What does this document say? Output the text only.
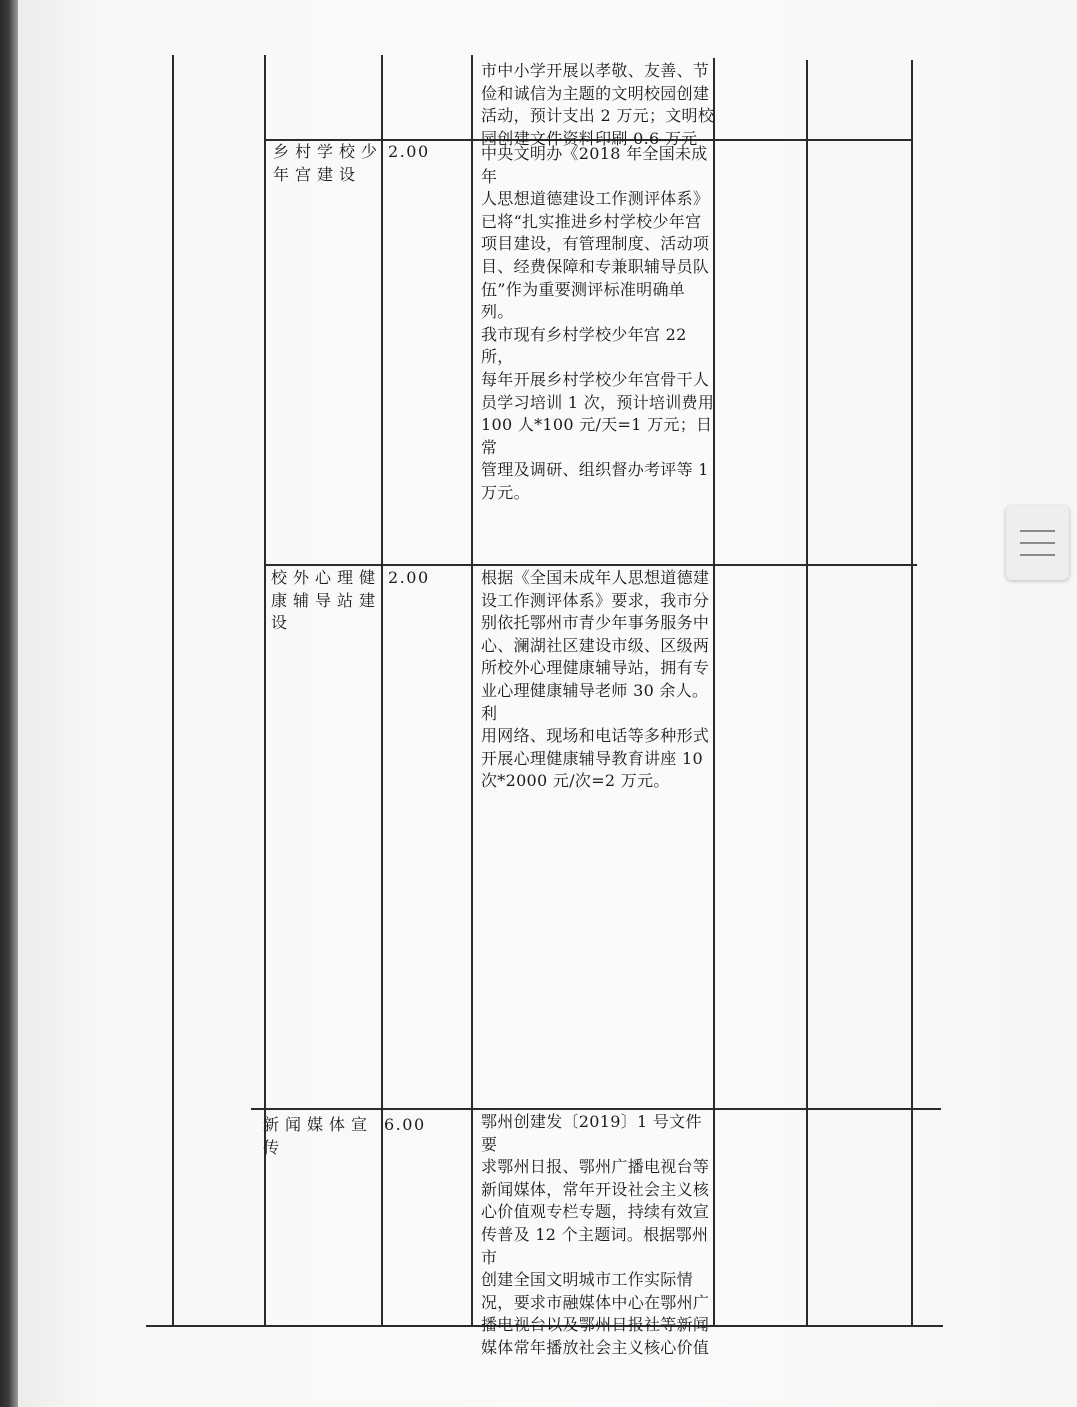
市中小学开展以孝敬、友善、节
俭和诚信为主题的文明校园创建
活动，预计支出 2 万元；文明校
园创建文件资料印刷 0.6 万元
乡村学校少
年宫建设
2.00	中央文明办《2018 年全国未成年
人思想道德建设工作测评体系》
已将“扎实推进乡村学校少年宫
项目建设，有管理制度、活动项
目、经费保障和专兼职辅导员队
伍”作为重要测评标准明确单列。
我市现有乡村学校少年宫 22 所，
每年开展乡村学校少年宫骨干人
员学习培训 1 次，预计培训费用
100 人*100 元/天=1 万元；日常
管理及调研、组织督办考评等 1
万元。
校外心理健
康辅导站建
设
2.00	根据《全国未成年人思想道德建
设工作测评体系》要求，我市分
别依托鄂州市青少年事务服务中
心、澜湖社区建设市级、区级两
所校外心理健康辅导站，拥有专
业心理健康辅导老师 30 余人。利
用网络、现场和电话等多种形式
开展心理健康辅导教育讲座 10
次*2000 元/次=2 万元。
新闻媒体宣
传
6.00	鄂州创建发〔2019〕1 号文件要
求鄂州日报、鄂州广播电视台等
新闻媒体，常年开设社会主义核
心价值观专栏专题，持续有效宣
传普及 12 个主题词。根据鄂州市
创建全国文明城市工作实际情
况，要求市融媒体中心在鄂州广
播电视台以及鄂州日报社等新闻
媒体常年播放社会主义核心价值
